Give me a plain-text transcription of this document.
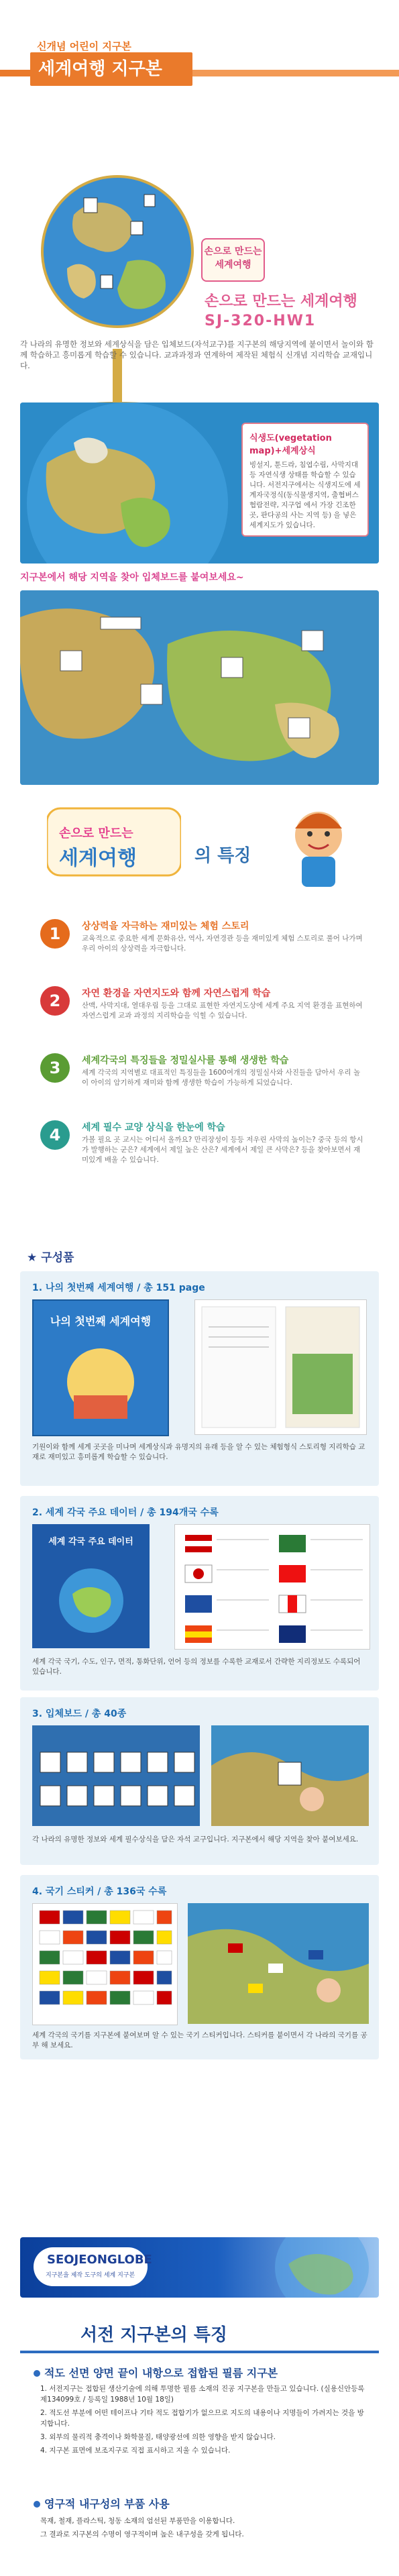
신개념 어린이 지구본
세계여행 지구본
손으로 만드는
세계여행
손으로 만드는 세계여행
SJ-320-HW1
각 나라의 유명한 정보와 세계상식을 담은 입체보드(자석교구)를 지구본의 해당지역에 붙이면서 놀이와 함께 학습하고 흥미롭게 학습할 수 있습니다. 교과과정과 연계하여 제작된 체험식 신개념 지리학습 교재입니다.
식생도(vegetation map)+세계상식
빙설지, 툰드라, 침엽수림, 사막지대 등 자연식생 상태를 학습할 수 있습니다. 서전지구에서는 식생지도에 세계자국정식(동식물생지역, 출협버스 협람전략, 지구업 에서 가장 긴조한 곳, 판다공의 사는 지역 등) 을 넣은 세계지도가 있습니다.
지구본에서 해당 지역을 찾아 입체보드를 붙여보세요~
손으로 만드는
세계여행	의 특징
1	상상력을 자극하는 재미있는 체험 스토리
교육적으로 중요한 세계 문화유산, 역사, 자연경관 등을 재미있게 체험 스토리로 풀어 나가며 우리 아이의 상상력을 자극합니다.
2	자연 환경을 자연지도와 함께 자연스럽게 학습
산맥, 사막지대, 열대우림 등을 그대로 표현한 자연지도상에 세계 주요 지역 환경을 표현하여 자연스럽게 교과 과정의 지리학습을 익힐 수 있습니다.
3	세계각국의 특징들을 정밀실사를 통해 생생한 학습
세계 각국의 지역별로 대표적인 특징들을 1600여개의 정밀실사와 사진들을 담아서 우리 놀이 아이의 암기하게 재미와 함께 생생한 학습이 가능하게 되었습니다.
4	세계 필수 교양 상식을 한눈에 학습
가볼 필요 곳 교시는 어디서 올까요? 만리장성이 등등 저우린 사막의 높이는? 중국 등의 항시가 발행하는 군은? 세계에서 제일 높은 산은? 세계에서 제일 큰 사막은? 등을 찾아보면서 재미있게 배울 수 있습니다.
★ 구성품
1. 나의 첫번째 세계여행 / 총 151 page
나의 첫번째 세계여행
기원이와 함께 세계 곳곳을 미나며 세계상식과 유명지의 유래 등을 알 수 있는 체험형식 스토리형 지리학습 교재로 재미있고 흥미롭게 학습할 수 있습니다.
2. 세계 각국 주요 데이터 / 총 194개국 수록
세계 각국 주요 데이터
세계 각국 국기, 수도, 인구, 면적, 통화단위, 언어 등의 정보를 수록한 교재로서 간략한 지리정보도 수록되어 있습니다.
3. 입체보드 / 총 40종
각 나라의 유명한 정보와 세계 필수상식을 담은 자석 교구입니다. 지구본에서 해당 지역을 찾아 붙여보세요.
4. 국기 스티커 / 총 136국 수록
세계 각국의 국기를 지구본에 붙여보며 알 수 있는 국기 스티커입니다. 스티커를 붙이면서 각 나라의 국기를 공부 해 보세요.
SEOJEONGLOBE
지구본을 제작 도구의 세계 지구본
서전 지구본의 특징
적도 선면 양면 끝이 내항으로 접합된 필름 지구본
1. 서전지구는 접합된 생산기술에 의해 투명한 필름 소재의 진공 지구본을 만들고 있습니다. (실용신안등록 제134099호 / 등록일 1988년 10월 18일)
2. 적도선 부분에 어떤 테이프나 기타 적도 접합기가 없으므로 지도의 내용이나 지명들이 가려지는 것을 방지합니다.
3. 외부의 물리적 충격이나 화학물질, 태양광선에 의한 영향을 받지 않습니다.
4. 지구본 표면에 보조지구로 직접 표시하고 지울 수 있습니다.
영구적 내구성의 부품 사용
목재, 철재, 플라스틱, 청동 소재의 엄선된 부품만을 이용합니다.
그 결과로 지구본의 수명이 영구적이며 높은 내구성을 갖게 됩니다.
